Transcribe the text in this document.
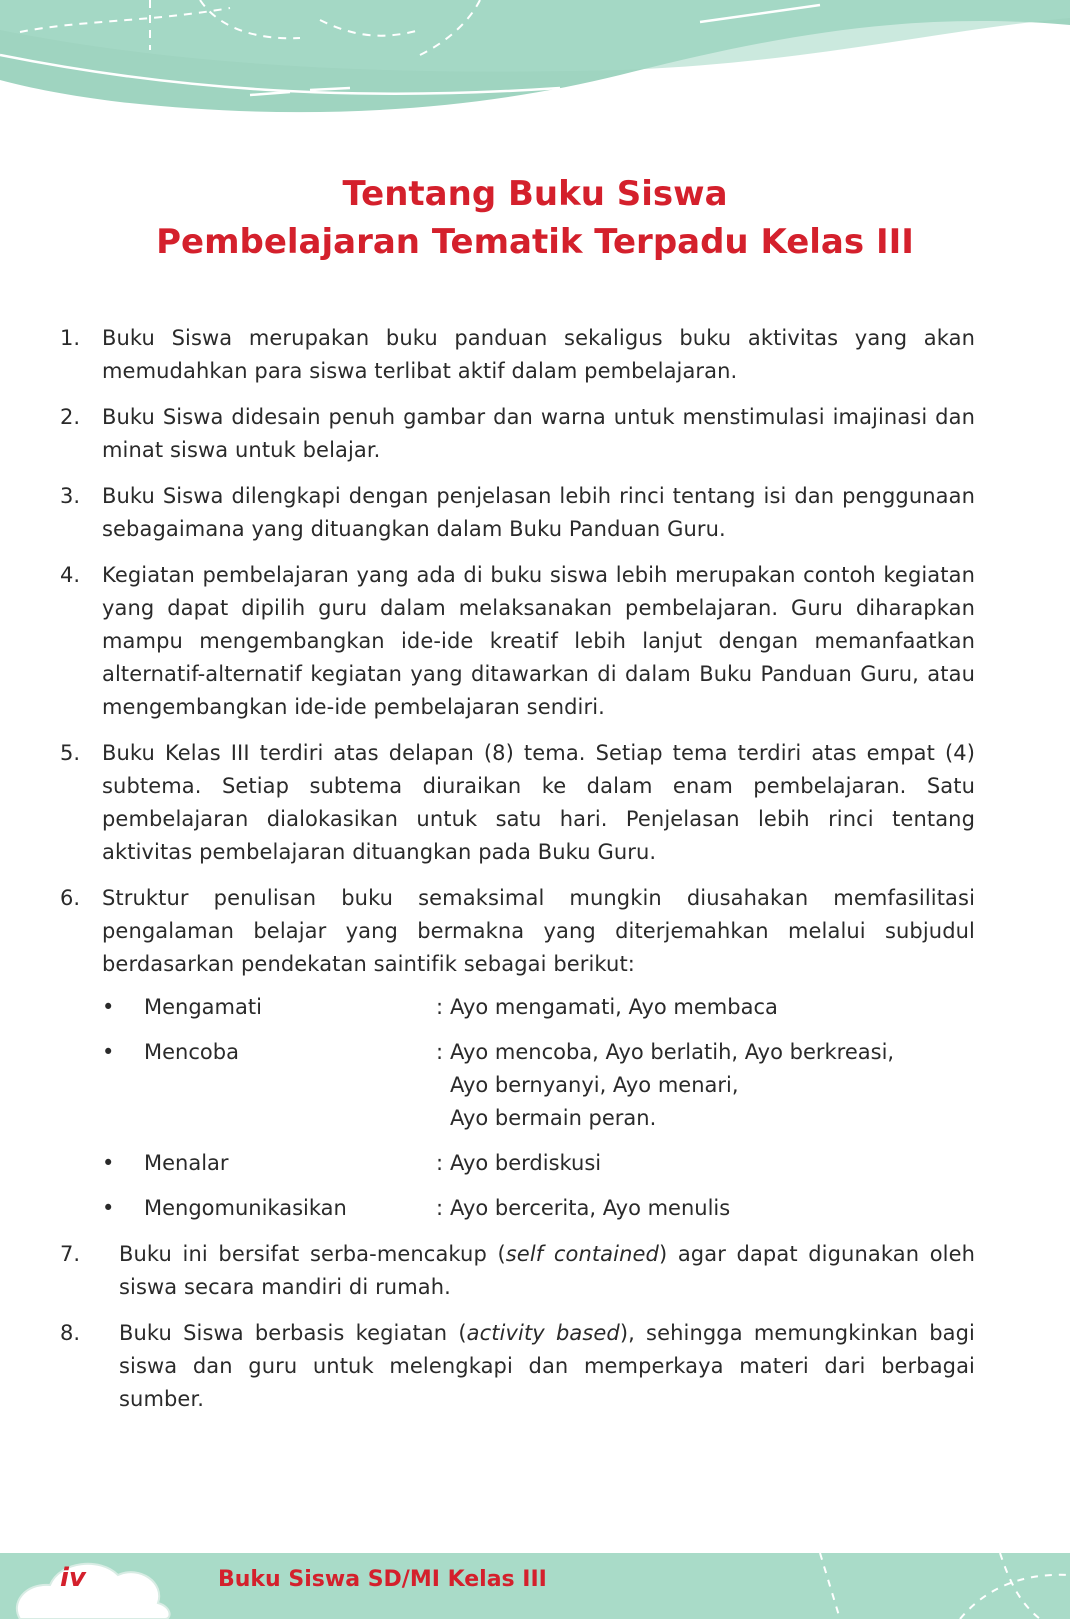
Tentang Buku Siswa
Pembelajaran Tematik Terpadu Kelas III
1. Buku Siswa merupakan buku panduan sekaligus buku aktivitas yang akan memudahkan para siswa terlibat aktif dalam pembelajaran.
2. Buku Siswa didesain penuh gambar dan warna untuk menstimulasi imajinasi dan minat siswa untuk belajar.
3. Buku Siswa dilengkapi dengan penjelasan lebih rinci tentang isi dan penggunaan sebagaimana yang dituangkan dalam Buku Panduan Guru.
4. Kegiatan pembelajaran yang ada di buku siswa lebih merupakan contoh kegiatan yang dapat dipilih guru dalam melaksanakan pembelajaran. Guru diharapkan mampu mengembangkan ide-ide kreatif lebih lanjut dengan memanfaatkan alternatif-alternatif kegiatan yang ditawarkan di dalam Buku Panduan Guru, atau mengembangkan ide-ide pembelajaran sendiri.
5. Buku Kelas III terdiri atas delapan (8) tema. Setiap tema terdiri atas empat (4) subtema. Setiap subtema diuraikan ke dalam enam pembelajaran. Satu pembelajaran dialokasikan untuk satu hari. Penjelasan lebih rinci tentang aktivitas pembelajaran dituangkan pada Buku Guru.
6. Struktur penulisan buku semaksimal mungkin diusahakan memfasilitasi pengalaman belajar yang bermakna yang diterjemahkan melalui subjudul berdasarkan pendekatan saintifik sebagai berikut:
•	Mengamati	: Ayo mengamati, Ayo membaca
•	Mencoba	: Ayo mencoba, Ayo berlatih, Ayo berkreasi,
Ayo bernyanyi, Ayo menari,
Ayo bermain peran.
•	Menalar	: Ayo berdiskusi
•	Mengomunikasikan	: Ayo bercerita, Ayo menulis
7. Buku ini bersifat serba-mencakup (self contained) agar dapat digunakan oleh siswa secara mandiri di rumah.
8. Buku Siswa berbasis kegiatan (activity based), sehingga memungkinkan bagi siswa dan guru untuk melengkapi dan memperkaya materi dari berbagai sumber.
iv	Buku Siswa SD/MI Kelas III
